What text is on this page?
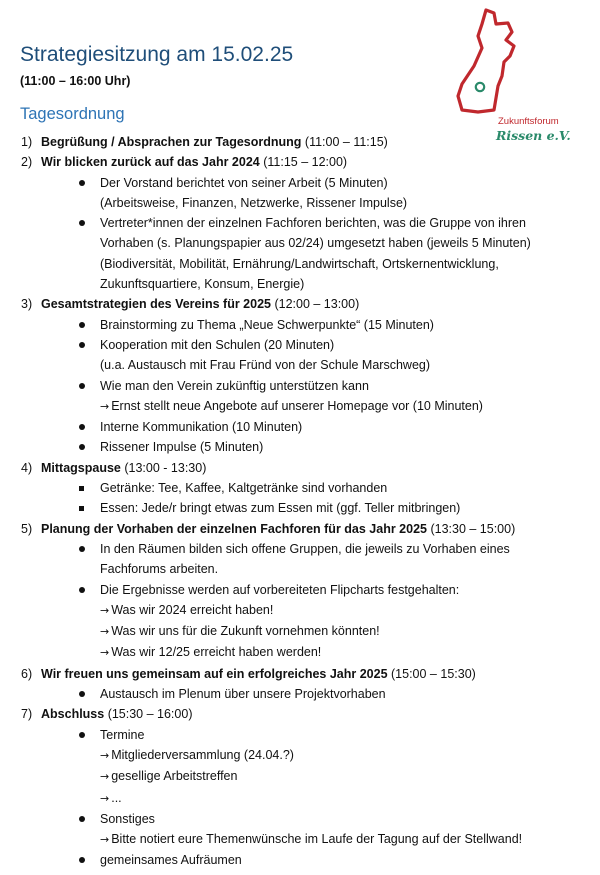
Strategiesitzung am 15.02.25
(11:00 – 16:00 Uhr)
Tagesordnung	Zukunftsforum
Rissen e.V.
1) Begrüßung / Absprachen zur Tagesordnung (11:00 – 11:15)
2) Wir blicken zurück auf das Jahr 2024 (11:15 – 12:00)
Der Vorstand berichtet von seiner Arbeit (5 Minuten)
(Arbeitsweise, Finanzen, Netzwerke, Rissener Impulse)
Vertreter*innen der einzelnen Fachforen berichten, was die Gruppe von ihren
Vorhaben (s. Planungspapier aus 02/24) umgesetzt haben (jeweils 5 Minuten)
(Biodiversität, Mobilität, Ernährung/Landwirtschaft, Ortskernentwicklung,
Zukunftsquartiere, Konsum, Energie)
3) Gesamtstrategien des Vereins für 2025 (12:00 – 13:00)
Brainstorming zu Thema „Neue Schwerpunkte“ (15 Minuten)
Kooperation mit den Schulen (20 Minuten)
(u.a. Austausch mit Frau Fründ von der Schule Marschweg)
Wie man den Verein zukünftig unterstützen kann
→ Ernst stellt neue Angebote auf unserer Homepage vor (10 Minuten)
Interne Kommunikation (10 Minuten)
Rissener Impulse (5 Minuten)
4) Mittagspause (13:00 - 13:30)
Getränke: Tee, Kaffee, Kaltgetränke sind vorhanden
Essen: Jede/r bringt etwas zum Essen mit (ggf. Teller mitbringen)
5) Planung der Vorhaben der einzelnen Fachforen für das Jahr 2025 (13:30 – 15:00)
In den Räumen bilden sich offene Gruppen, die jeweils zu Vorhaben eines
Fachforums arbeiten.
Die Ergebnisse werden auf vorbereiteten Flipcharts festgehalten:
→ Was wir 2024 erreicht haben!
→ Was wir uns für die Zukunft vornehmen könnten!
→ Was wir 12/25 erreicht haben werden!
6) Wir freuen uns gemeinsam auf ein erfolgreiches Jahr 2025 (15:00 – 15:30)
Austausch im Plenum über unsere Projektvorhaben
7) Abschluss (15:30 – 16:00)
Termine
→ Mitgliederversammlung (24.04.?)
→ gesellige Arbeitstreffen
→ ...
Sonstiges
→ Bitte notiert eure Themenwünsche im Laufe der Tagung auf der Stellwand!
gemeinsames Aufräumen
